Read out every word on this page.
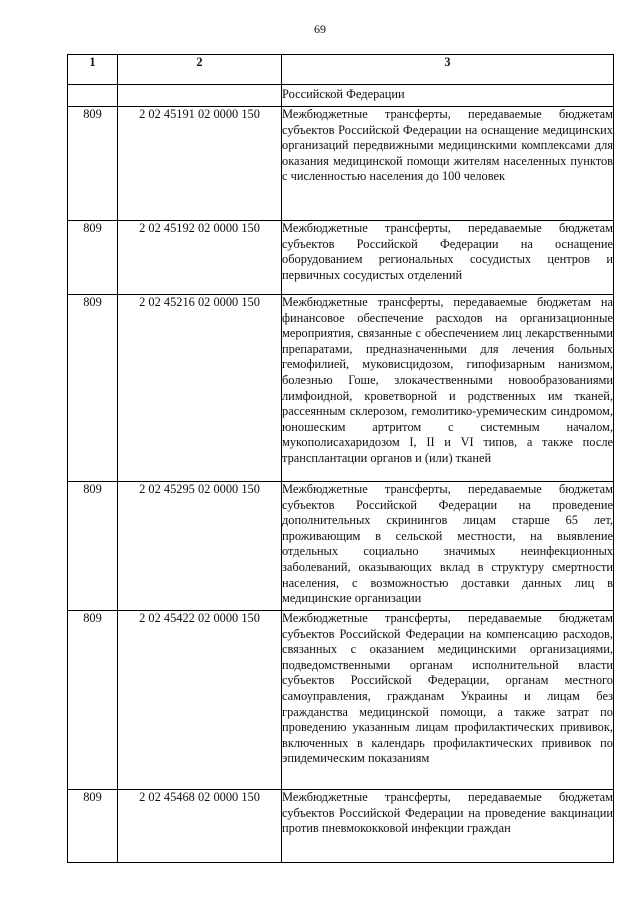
69
1	2	3
		Российской Федерации
809	2 02 45191 02 0000 150	Межбюджетные трансферты, передаваемые бюджетам субъектов Российской Федерации на оснащение медицинских организаций передвижными медицинскими комплексами для оказания медицинской помощи жителям населенных пунктов с численностью населения до 100 человек
809	2 02 45192 02 0000 150	Межбюджетные трансферты, передаваемые бюджетам субъектов Российской Федерации на оснащение оборудованием региональных сосудистых центров и первичных сосудистых отделений
809	2 02 45216 02 0000 150	Межбюджетные трансферты, передаваемые бюджетам на финансовое обеспечение расходов на организационные мероприятия, связанные с обеспечением лиц лекарственными препаратами, предназначенными для лечения больных гемофилией, муковисцидозом, гипофизарным нанизмом, болезнью Гоше, злокачественными новообразованиями лимфоидной, кроветворной и родственных им тканей, рассеянным склерозом, гемолитико-уремическим синдромом, юношеским артритом с системным началом, мукополисахаридозом I, II и VI типов, а также после трансплантации органов и (или) тканей
809	2 02 45295 02 0000 150	Межбюджетные трансферты, передаваемые бюджетам субъектов Российской Федерации на проведение дополнительных скринингов лицам старше 65 лет, проживающим в сельской местности, на выявление отдельных социально значимых неинфекционных заболеваний, оказывающих вклад в структуру смертности населения, с возможностью доставки данных лиц в медицинские организации
809	2 02 45422 02 0000 150	Межбюджетные трансферты, передаваемые бюджетам субъектов Российской Федерации на компенсацию расходов, связанных с оказанием медицинскими организациями, подведомственными органам исполнительной власти субъектов Российской Федерации, органам местного самоуправления, гражданам Украины и лицам без гражданства медицинской помощи, а также затрат по проведению указанным лицам профилактических прививок, включенных в календарь профилактических прививок по эпидемическим показаниям
809	2 02 45468 02 0000 150	Межбюджетные трансферты, передаваемые бюджетам субъектов Российской Федерации на проведение вакцинации против пневмококковой инфекции граждан
